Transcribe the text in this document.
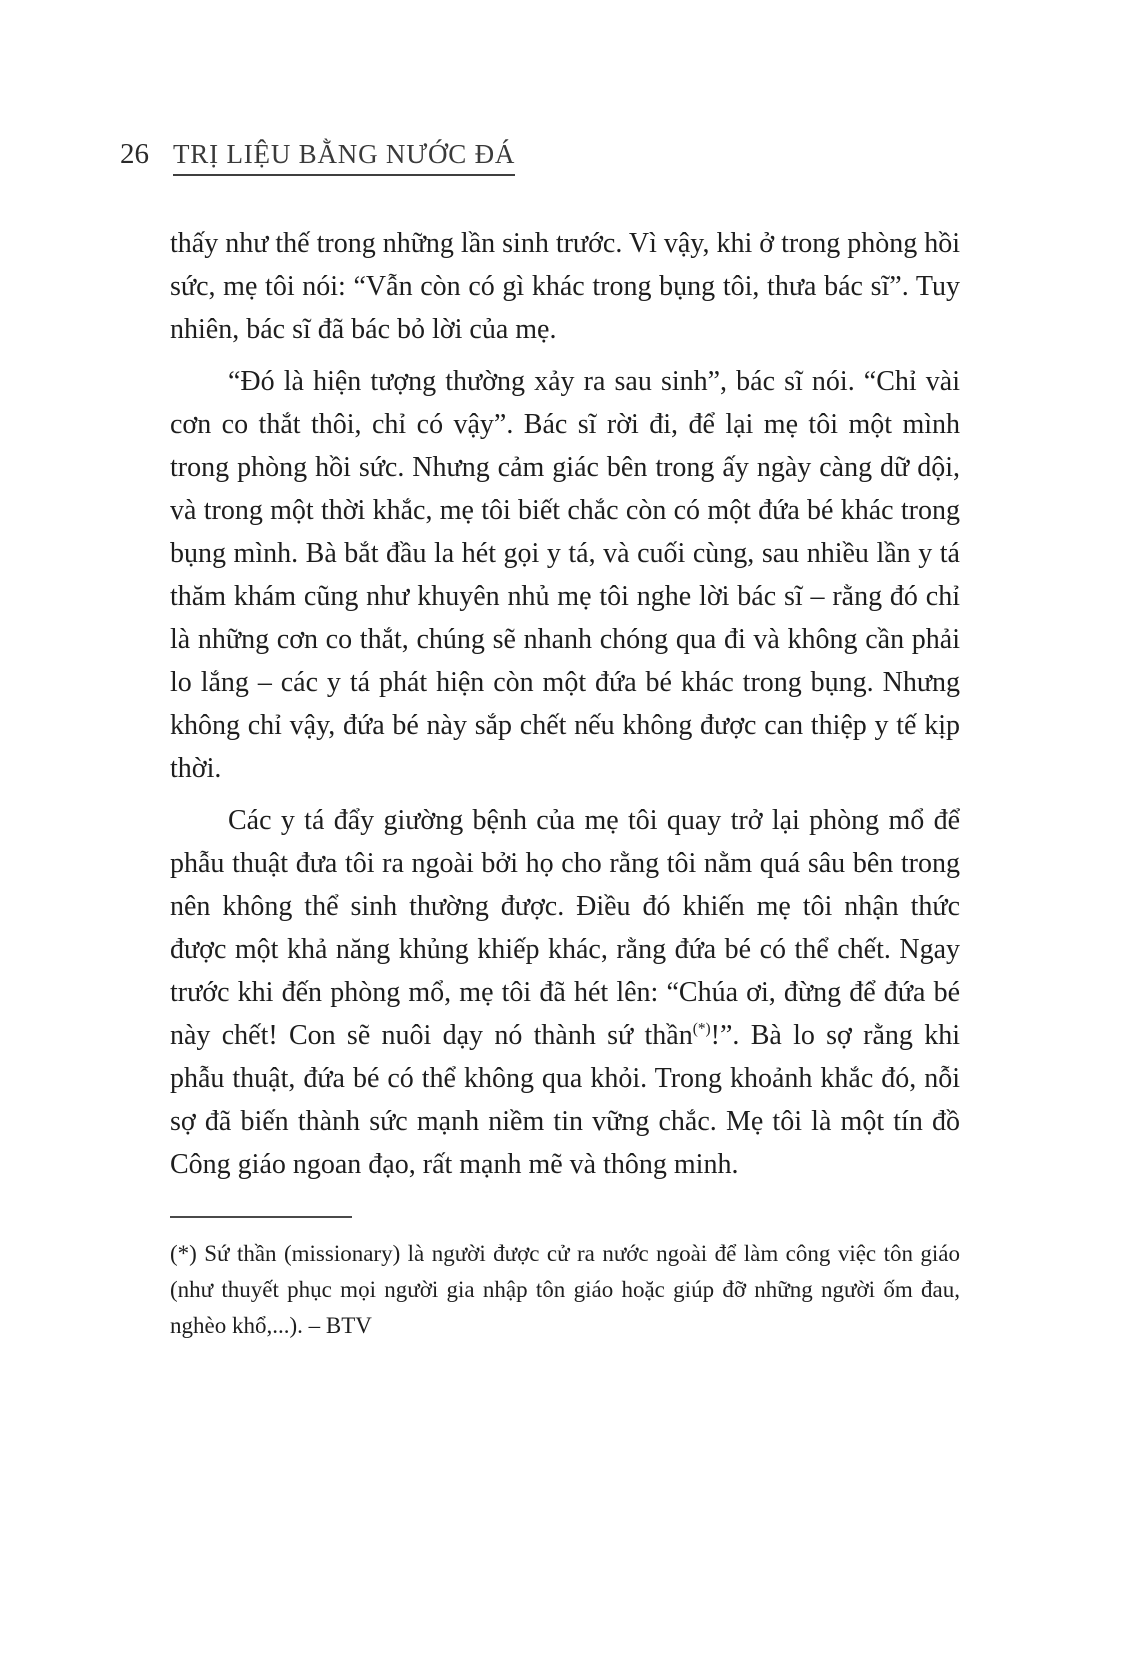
26 TRỊ LIỆU BẰNG NƯỚC ĐÁ

thấy như thế trong những lần sinh trước. Vì vậy, khi ở trong phòng hồi sức, mẹ tôi nói: “Vẫn còn có gì khác trong bụng tôi, thưa bác sĩ”. Tuy nhiên, bác sĩ đã bác bỏ lời của mẹ.

“Đó là hiện tượng thường xảy ra sau sinh”, bác sĩ nói. “Chỉ vài cơn co thắt thôi, chỉ có vậy”. Bác sĩ rời đi, để lại mẹ tôi một mình trong phòng hồi sức. Nhưng cảm giác bên trong ấy ngày càng dữ dội, và trong một thời khắc, mẹ tôi biết chắc còn có một đứa bé khác trong bụng mình. Bà bắt đầu la hét gọi y tá, và cuối cùng, sau nhiều lần y tá thăm khám cũng như khuyên nhủ mẹ tôi nghe lời bác sĩ – rằng đó chỉ là những cơn co thắt, chúng sẽ nhanh chóng qua đi và không cần phải lo lắng – các y tá phát hiện còn một đứa bé khác trong bụng. Nhưng không chỉ vậy, đứa bé này sắp chết nếu không được can thiệp y tế kịp thời.

Các y tá đẩy giường bệnh của mẹ tôi quay trở lại phòng mổ để phẫu thuật đưa tôi ra ngoài bởi họ cho rằng tôi nằm quá sâu bên trong nên không thể sinh thường được. Điều đó khiến mẹ tôi nhận thức được một khả năng khủng khiếp khác, rằng đứa bé có thể chết. Ngay trước khi đến phòng mổ, mẹ tôi đã hét lên: “Chúa ơi, đừng để đứa bé này chết! Con sẽ nuôi dạy nó thành sứ thần(*)!”. Bà lo sợ rằng khi phẫu thuật, đứa bé có thể không qua khỏi. Trong khoảnh khắc đó, nỗi sợ đã biến thành sức mạnh niềm tin vững chắc. Mẹ tôi là một tín đồ Công giáo ngoan đạo, rất mạnh mẽ và thông minh.

(*) Sứ thần (missionary) là người được cử ra nước ngoài để làm công việc tôn giáo (như thuyết phục mọi người gia nhập tôn giáo hoặc giúp đỡ những người ốm đau, nghèo khổ,...). – BTV
